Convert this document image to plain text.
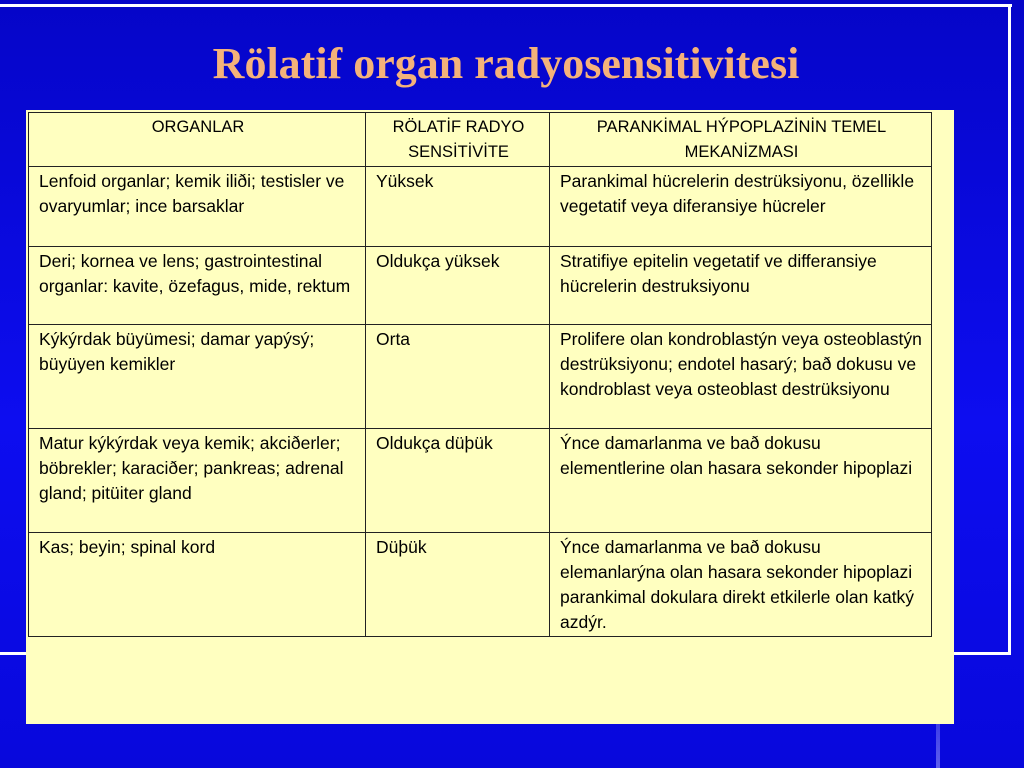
Rölatif organ radyosensitivitesi
ORGANLAR	RÖLATİF RADYO SENSİTİVİTE	PARANKİMAL HÝPOPLAZİNİN TEMEL MEKANİZMASI
Lenfoid organlar; kemik iliði; testisler ve ovaryumlar; ince barsaklar	Yüksek	Parankimal hücrelerin destrüksiyonu, özellikle vegetatif veya diferansiye hücreler
Deri; kornea ve lens; gastrointestinal organlar: kavite, özefagus, mide, rektum	Oldukça yüksek	Stratifiye epitelin vegetatif ve differansiye hücrelerin destruksiyonu
Kýkýrdak büyümesi; damar yapýsý; büyüyen kemikler	Orta	Prolifere olan kondroblastýn veya osteoblastýn destrüksiyonu; endotel hasarý; bað dokusu ve kondroblast veya osteoblast destrüksiyonu
Matur kýkýrdak veya kemik; akciðerler; böbrekler; karaciðer; pankreas; adrenal gland; pitüiter gland	Oldukça düþük	Ýnce damarlanma ve bað dokusu elementlerine olan hasara sekonder hipoplazi
Kas; beyin; spinal kord	Düþük	Ýnce damarlanma ve bað dokusu elemanlarýna olan hasara sekonder hipoplazi parankimal dokulara direkt etkilerle olan katký azdýr.
